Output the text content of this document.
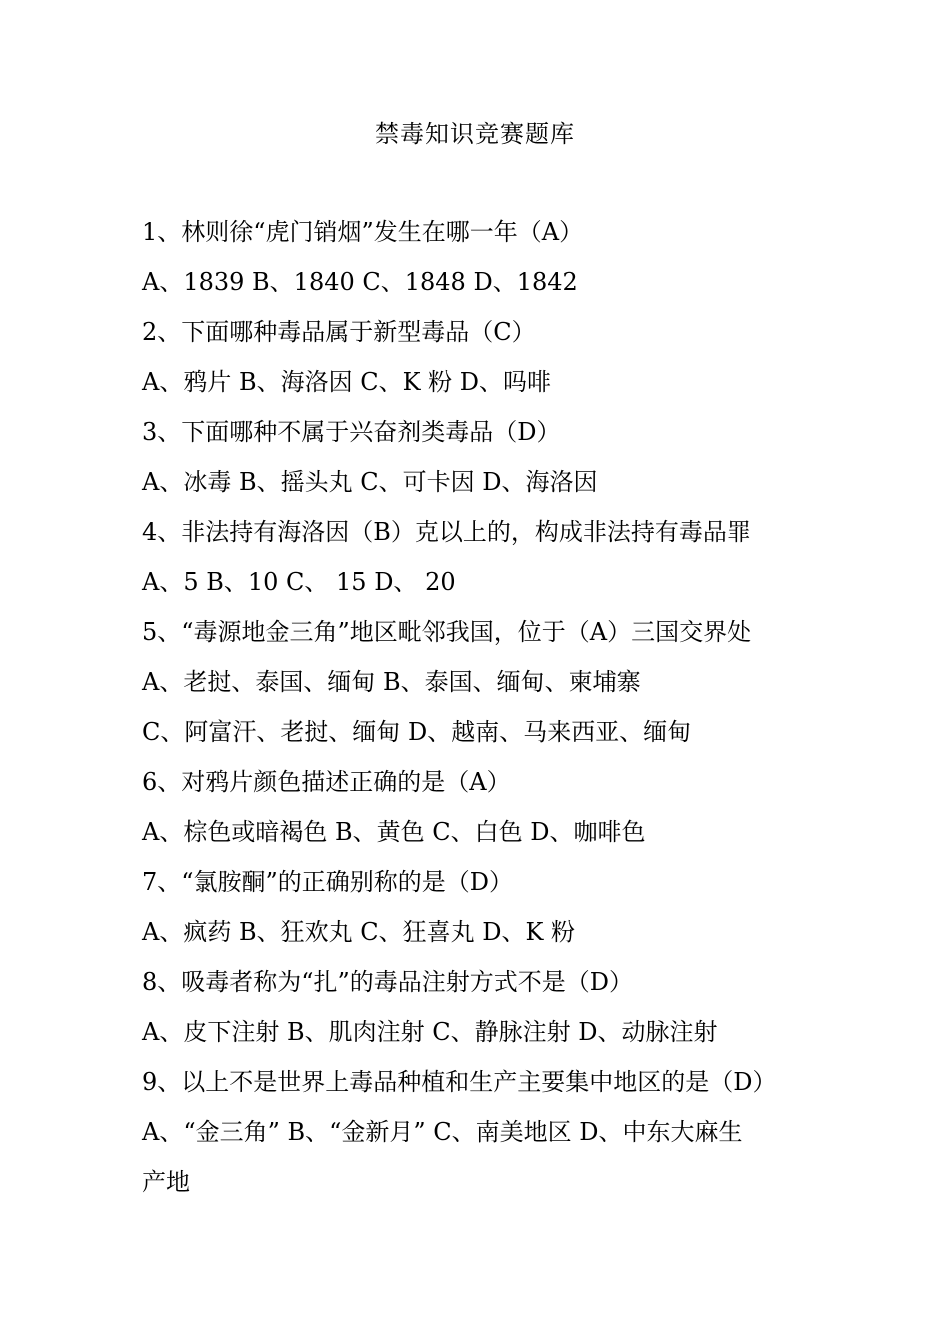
禁毒知识竞赛题库
1、林则徐“虎门销烟”发生在哪一年（A）
A、1839 B、1840 C、1848 D、1842
2、下面哪种毒品属于新型毒品（C）
A、鸦片 B、海洛因 C、K 粉 D、吗啡
3、下面哪种不属于兴奋剂类毒品（D）
A、冰毒 B、摇头丸 C、可卡因 D、海洛因
4、非法持有海洛因（B）克以上的，构成非法持有毒品罪
A、5 B、10 C、 15 D、 20
5、“毒源地金三角”地区毗邻我国，位于（A）三国交界处
A、老挝、泰国、缅甸 B、泰国、缅甸、柬埔寨
C、阿富汗、老挝、缅甸 D、越南、马来西亚、缅甸
6、对鸦片颜色描述正确的是（A）
A、棕色或暗褐色 B、黄色 C、白色 D、咖啡色
7、“氯胺酮”的正确别称的是（D）
A、疯药 B、狂欢丸 C、狂喜丸 D、K 粉
8、吸毒者称为“扎”的毒品注射方式不是（D）
A、皮下注射 B、肌肉注射 C、静脉注射 D、动脉注射
9、以上不是世界上毒品种植和生产主要集中地区的是（D）
A、“金三角” B、“金新月” C、南美地区 D、中东大麻生
产地
